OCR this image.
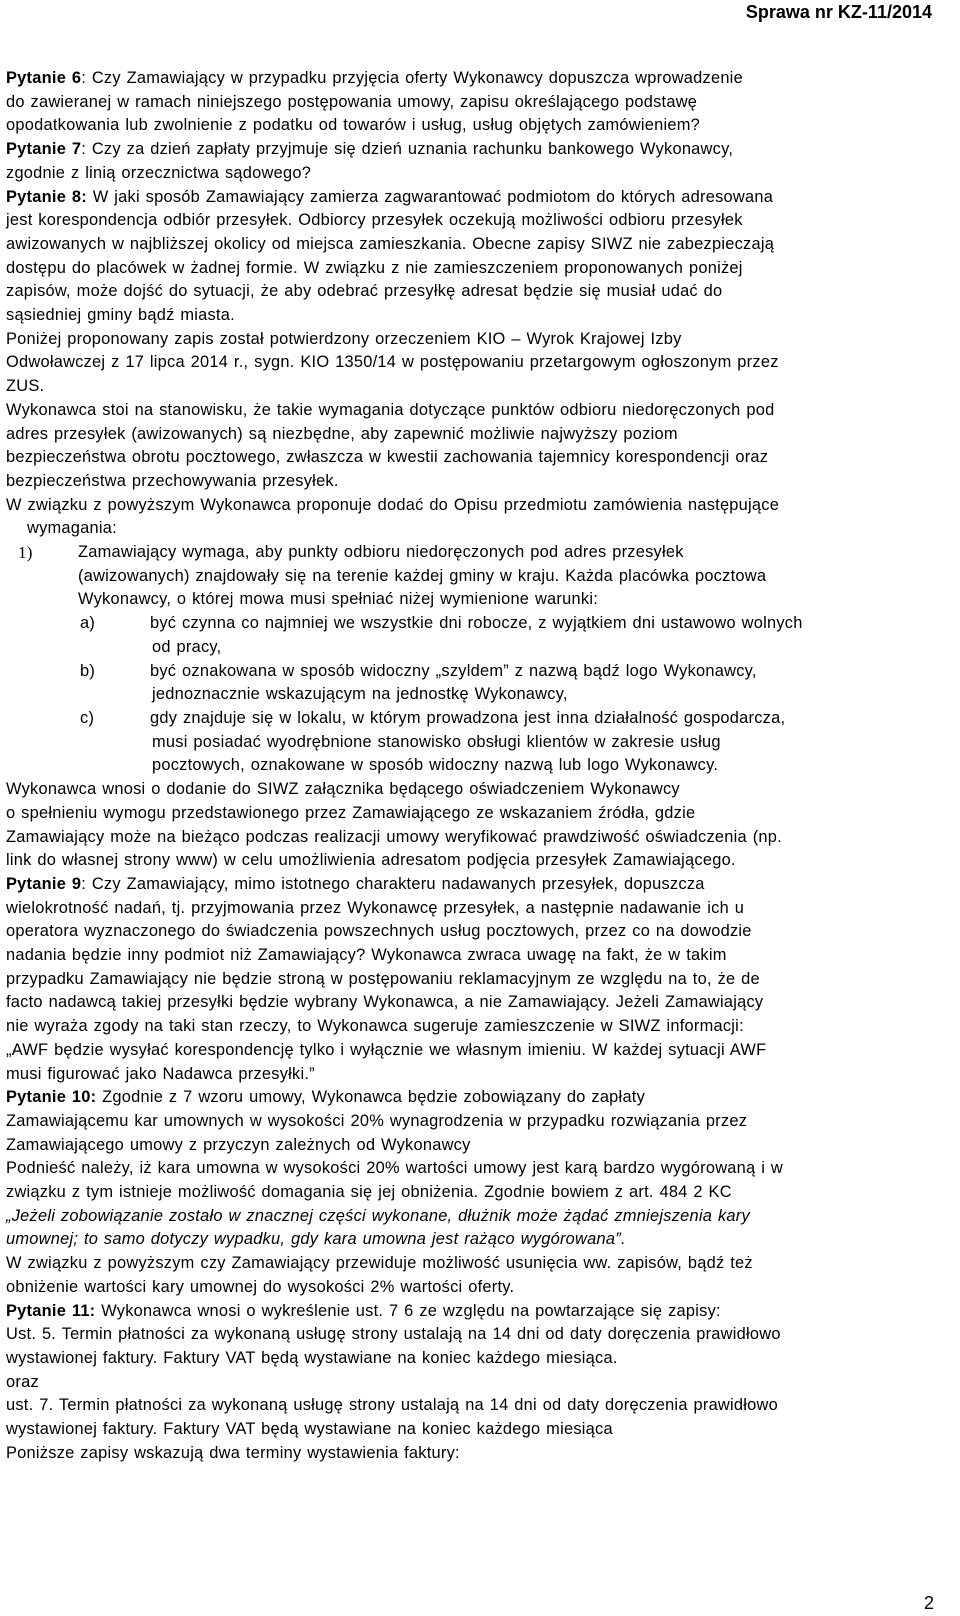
Sprawa nr KZ-11/2014

Pytanie 6: Czy Zamawiający w przypadku przyjęcia oferty Wykonawcy dopuszcza wprowadzenie

do zawieranej w ramach niniejszego postępowania umowy, zapisu określającego podstawę

opodatkowania lub zwolnienie z podatku od towarów i usług, usług objętych zamówieniem?

Pytanie 7: Czy za dzień zapłaty przyjmuje się dzień uznania rachunku bankowego Wykonawcy,

zgodnie z linią orzecznictwa sądowego?

Pytanie 8: W jaki sposób Zamawiający zamierza zagwarantować podmiotom do których adresowana

jest korespondencja odbiór przesyłek. Odbiorcy przesyłek oczekują możliwości odbioru przesyłek

awizowanych w najbliższej okolicy od miejsca zamieszkania. Obecne zapisy SIWZ nie zabezpieczają

dostępu do placówek w żadnej formie. W związku z nie zamieszczeniem proponowanych poniżej

zapisów, może dojść do sytuacji, że aby odebrać przesyłkę adresat będzie się musiał udać do

sąsiedniej gminy bądź miasta.

Poniżej proponowany zapis został potwierdzony orzeczeniem KIO – Wyrok Krajowej Izby

Odwoławczej z 17 lipca 2014 r., sygn. KIO 1350/14 w postępowaniu przetargowym ogłoszonym przez

ZUS.

Wykonawca stoi na stanowisku, że takie wymagania dotyczące punktów odbioru niedoręczonych pod

adres przesyłek (awizowanych) są niezbędne, aby zapewnić możliwie najwyższy poziom

bezpieczeństwa obrotu pocztowego, zwłaszcza w kwestii zachowania tajemnicy korespondencji oraz

bezpieczeństwa przechowywania przesyłek.

W związku z powyższym Wykonawca proponuje dodać do Opisu przedmiotu zamówienia następujące

wymagania:

1)	Zamawiający wymaga, aby punkty odbioru niedoręczonych pod adres przesyłek

(awizowanych) znajdowały się na terenie każdej gminy w kraju. Każda placówka pocztowa

Wykonawcy, o której mowa musi spełniać niżej wymienione warunki:

a)	być czynna co najmniej we wszystkie dni robocze, z wyjątkiem dni ustawowo wolnych

od pracy,

b)	być oznakowana w sposób widoczny „szyldem” z nazwą bądź logo Wykonawcy,

jednoznacznie wskazującym na jednostkę Wykonawcy,

c)	gdy znajduje się w lokalu, w którym prowadzona jest inna działalność gospodarcza,

musi posiadać wyodrębnione stanowisko obsługi klientów w zakresie usług

pocztowych, oznakowane w sposób widoczny nazwą lub logo Wykonawcy.

Wykonawca wnosi o dodanie do SIWZ załącznika będącego oświadczeniem Wykonawcy

o spełnieniu wymogu przedstawionego przez Zamawiającego ze wskazaniem źródła, gdzie

Zamawiający może na bieżąco podczas realizacji umowy weryfikować prawdziwość oświadczenia (np.

link do własnej strony www) w celu umożliwienia adresatom podjęcia przesyłek Zamawiającego.

Pytanie 9: Czy Zamawiający, mimo istotnego charakteru nadawanych przesyłek, dopuszcza

wielokrotność nadań, tj. przyjmowania przez Wykonawcę przesyłek, a następnie nadawanie ich u

operatora wyznaczonego do świadczenia powszechnych usług pocztowych, przez co na dowodzie

nadania będzie inny podmiot niż Zamawiający? Wykonawca zwraca uwagę na fakt, że w takim

przypadku Zamawiający nie będzie stroną w postępowaniu reklamacyjnym ze względu na to, że de

facto nadawcą takiej przesyłki będzie wybrany Wykonawca, a nie Zamawiający. Jeżeli Zamawiający

nie wyraża zgody na taki stan rzeczy, to Wykonawca sugeruje zamieszczenie w SIWZ informacji:

„AWF będzie wysyłać korespondencję tylko i wyłącznie we własnym imieniu. W każdej sytuacji AWF

musi figurować jako Nadawca przesyłki.”

Pytanie 10: Zgodnie z 7 wzoru umowy, Wykonawca będzie zobowiązany do zapłaty

Zamawiającemu kar umownych w wysokości 20% wynagrodzenia w przypadku rozwiązania przez

Zamawiającego umowy z przyczyn zależnych od Wykonawcy

Podnieść należy, iż kara umowna w wysokości 20% wartości umowy jest karą bardzo wygórowaną i w

związku z tym istnieje możliwość domagania się jej obniżenia. Zgodnie bowiem z art. 484 2 KC

„Jeżeli zobowiązanie zostało w znacznej części wykonane, dłużnik może żądać zmniejszenia kary

umownej; to samo dotyczy wypadku, gdy kara umowna jest rażąco wygórowana”.

W związku z powyższym czy Zamawiający przewiduje możliwość usunięcia ww. zapisów, bądź też

obniżenie wartości kary umownej do wysokości 2% wartości oferty.

Pytanie 11: Wykonawca wnosi o wykreślenie ust. 7 6 ze względu na powtarzające się zapisy:

Ust. 5. Termin płatności za wykonaną usługę strony ustalają na 14 dni od daty doręczenia prawidłowo

wystawionej faktury. Faktury VAT będą wystawiane na koniec każdego miesiąca.

oraz

ust. 7. Termin płatności za wykonaną usługę strony ustalają na 14 dni od daty doręczenia prawidłowo

wystawionej faktury. Faktury VAT będą wystawiane na koniec każdego miesiąca

Poniższe zapisy wskazują dwa terminy wystawienia faktury:

2
